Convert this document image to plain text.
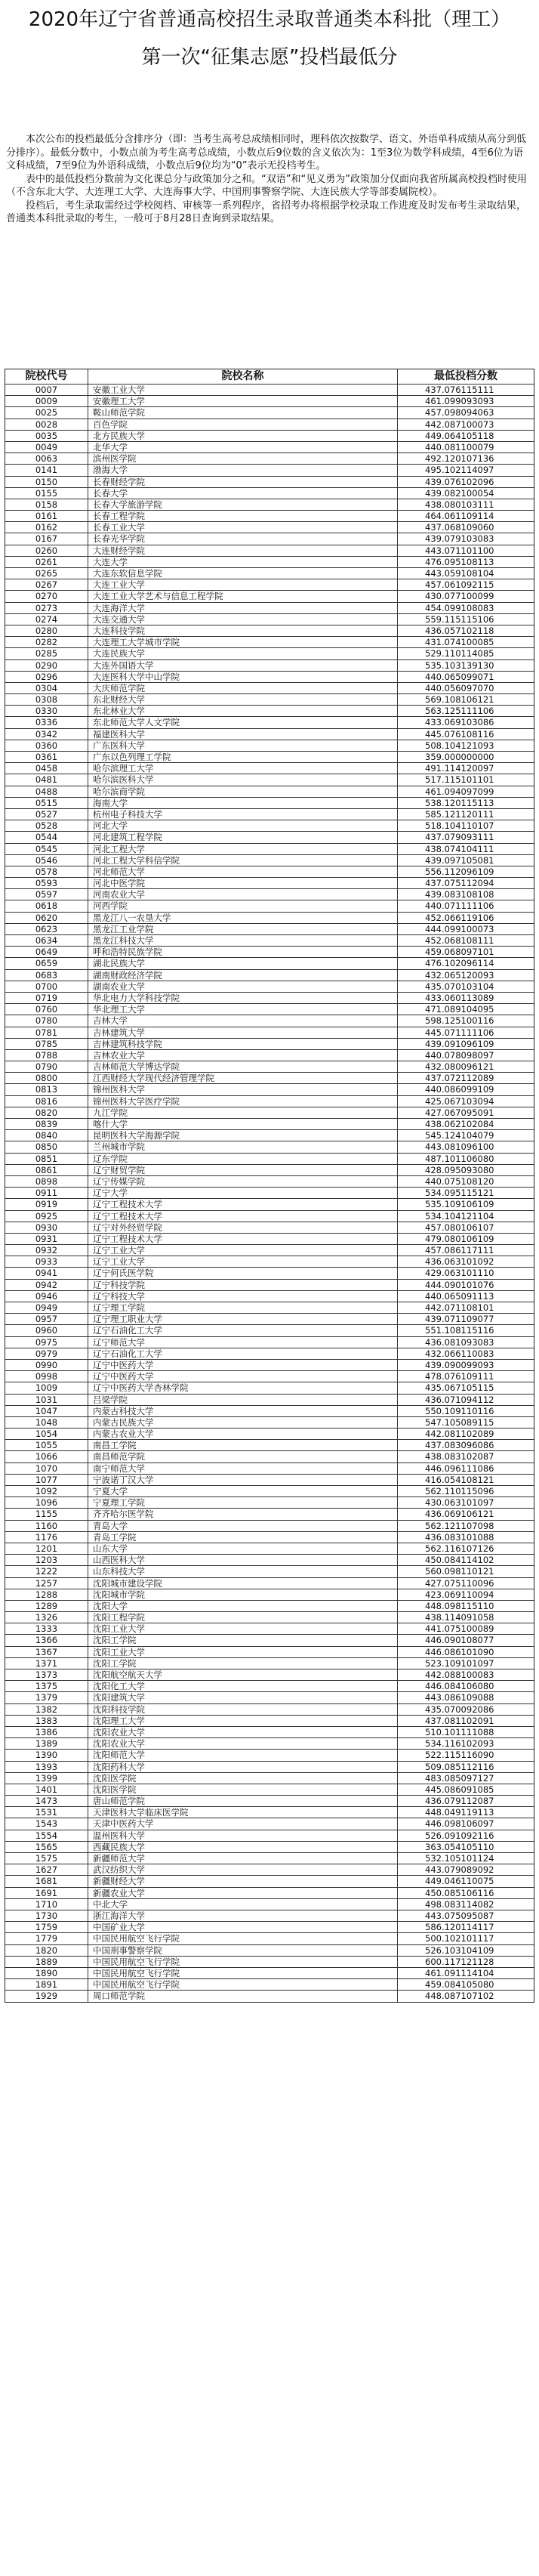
2020年辽宁省普通高校招生录取普通类本科批（理工）
第一次“征集志愿”投档最低分

本次公布的投档最低分含排序分（即：当考生高考总成绩相同时，理科依次按数学、语文、外语单科成绩从高分到低分排序）。最低分数中，小数点前为考生高考总成绩，小数点后9位数的含义依次为：1至3位为数学科成绩，4至6位为语文科成绩，7至9位为外语科成绩，小数点后9位均为“0”表示无投档考生。

表中的最低投档分数前为文化课总分与政策加分之和。“双语”和“见义勇为”政策加分仅面向我省所属高校投档时使用（不含东北大学、大连理工大学、大连海事大学、中国刑事警察学院、大连民族大学等部委属院校）。

投档后，考生录取需经过学校阅档、审核等一系列程序，省招考办将根据学校录取工作进度及时发布考生录取结果，普通类本科批录取的考生，一般可于8月28日查询到录取结果。

院校代号	院校名称	最低投档分数
0007	安徽工业大学	437.076115111
0009	安徽理工大学	461.099093093
0025	鞍山师范学院	457.098094063
0028	百色学院	442.087100073
0035	北方民族大学	449.064105118
0049	北华大学	440.081100079
0063	滨州医学院	492.120107136
0141	渤海大学	495.102114097
0150	长春财经学院	439.076102096
0155	长春大学	439.082100054
0158	长春大学旅游学院	438.080103111
0161	长春工程学院	464.061109114
0162	长春工业大学	437.068109060
0167	长春光华学院	439.079103083
0260	大连财经学院	443.071101100
0261	大连大学	476.095108113
0265	大连东软信息学院	443.059108104
0267	大连工业大学	457.061092115
0270	大连工业大学艺术与信息工程学院	430.077100099
0273	大连海洋大学	454.099108083
0274	大连交通大学	559.115115106
0280	大连科技学院	436.057102118
0282	大连理工大学城市学院	431.074100085
0285	大连民族大学	529.110114085
0290	大连外国语大学	535.103139130
0296	大连医科大学中山学院	440.065099071
0304	大庆师范学院	440.056097070
0308	东北财经大学	569.108106121
0330	东北林业大学	563.125111106
0336	东北师范大学人文学院	433.069103086
0342	福建医科大学	445.076108116
0360	广东医科大学	508.104121093
0361	广东以色列理工学院	359.000000000
0458	哈尔滨理工大学	491.114120097
0481	哈尔滨医科大学	517.115101101
0488	哈尔滨商学院	461.094097099
0515	海南大学	538.120115113
0527	杭州电子科技大学	585.121120111
0528	河北大学	518.104110107
0544	河北建筑工程学院	437.079093111
0545	河北工程大学	438.074104111
0546	河北工程大学科信学院	439.097105081
0578	河北师范大学	556.112096109
0593	河北中医学院	437.075112094
0597	河南农业大学	439.083108108
0618	河西学院	440.071111106
0620	黑龙江八一农垦大学	452.066119106
0623	黑龙江工业学院	444.099100073
0634	黑龙江科技大学	452.068108111
0649	呼和浩特民族学院	459.068097101
0659	湖北民族大学	476.102096114
0683	湖南财政经济学院	432.065120093
0700	湖南农业大学	435.070103104
0719	华北电力大学科技学院	433.060113089
0760	华北理工大学	471.089104095
0780	吉林大学	598.125100116
0781	吉林建筑大学	445.071111106
0785	吉林建筑科技学院	439.091096109
0788	吉林农业大学	440.078098097
0790	吉林师范大学博达学院	432.080096121
0800	江西财经大学现代经济管理学院	437.072112089
0813	锦州医科大学	440.086099109
0816	锦州医科大学医疗学院	425.067103094
0820	九江学院	427.067095091
0839	喀什大学	438.062102084
0840	昆明医科大学海源学院	545.124104079
0850	兰州城市学院	443.081096100
0851	辽东学院	487.101106080
0861	辽宁财贸学院	428.095093080
0898	辽宁传媒学院	440.075108120
0911	辽宁大学	534.095115121
0919	辽宁工程技术大学	535.109106109
0925	辽宁工程技术大学	534.104121104
0930	辽宁对外经贸学院	457.080106107
0931	辽宁工程技术大学	479.080106109
0932	辽宁工业大学	457.086117111
0933	辽宁工业大学	436.063101092
0941	辽宁何氏医学院	429.063101110
0942	辽宁科技学院	444.090101076
0946	辽宁科技大学	440.065091113
0949	辽宁理工学院	442.071108101
0957	辽宁理工职业大学	439.071109077
0960	辽宁石油化工大学	551.108115116
0975	辽宁师范大学	436.081093083
0979	辽宁石油化工大学	432.066110083
0990	辽宁中医药大学	439.090099093
0998	辽宁中医药大学	478.076109111
1009	辽宁中医药大学杏林学院	435.067105115
1031	吕梁学院	436.071094112
1047	内蒙古科技大学	550.109110116
1048	内蒙古民族大学	547.105089115
1054	内蒙古农业大学	442.081102089
1055	南昌工学院	437.083096086
1066	南昌师范学院	438.083102087
1070	南宁师范大学	446.096111086
1077	宁波诺丁汉大学	416.054108121
1092	宁夏大学	562.110115096
1096	宁夏理工学院	430.063101097
1155	齐齐哈尔医学院	436.069106121
1160	青岛大学	562.121107098
1176	青岛工学院	436.083101088
1201	山东大学	562.116107126
1203	山西医科大学	450.084114102
1222	山东科技大学	560.098110121
1257	沈阳城市建设学院	427.075110096
1288	沈阳城市学院	423.069110094
1289	沈阳大学	448.098115110
1326	沈阳工程学院	438.114091058
1333	沈阳工业大学	441.075100089
1366	沈阳工学院	446.090108077
1367	沈阳工业大学	446.086101090
1371	沈阳工学院	523.109101097
1373	沈阳航空航天大学	442.088100083
1375	沈阳化工大学	446.084106080
1379	沈阳建筑大学	443.086109088
1382	沈阳科技学院	435.070092086
1383	沈阳理工大学	437.081102091
1386	沈阳农业大学	510.101111088
1389	沈阳农业大学	534.116102093
1390	沈阳师范大学	522.115116090
1393	沈阳药科大学	509.085112116
1399	沈阳医学院	483.085097127
1401	沈阳医学院	445.086091085
1473	唐山师范学院	436.079112087
1531	天津医科大学临床医学院	448.049119113
1543	天津中医药大学	446.098106097
1554	温州医科大学	526.091092116
1565	西藏民族大学	363.054105110
1575	新疆师范大学	532.105101124
1627	武汉纺织大学	443.079089092
1681	新疆财经大学	449.046110075
1691	新疆农业大学	450.085106116
1710	中北大学	498.083114082
1730	浙江海洋大学	443.075095087
1759	中国矿业大学	586.120114117
1779	中国民用航空飞行学院	500.102101117
1820	中国刑事警察学院	526.103104109
1889	中国民用航空飞行学院	600.117121128
1890	中国民用航空飞行学院	461.091114104
1891	中国民用航空飞行学院	459.084105080
1929	周口师范学院	448.087107102
